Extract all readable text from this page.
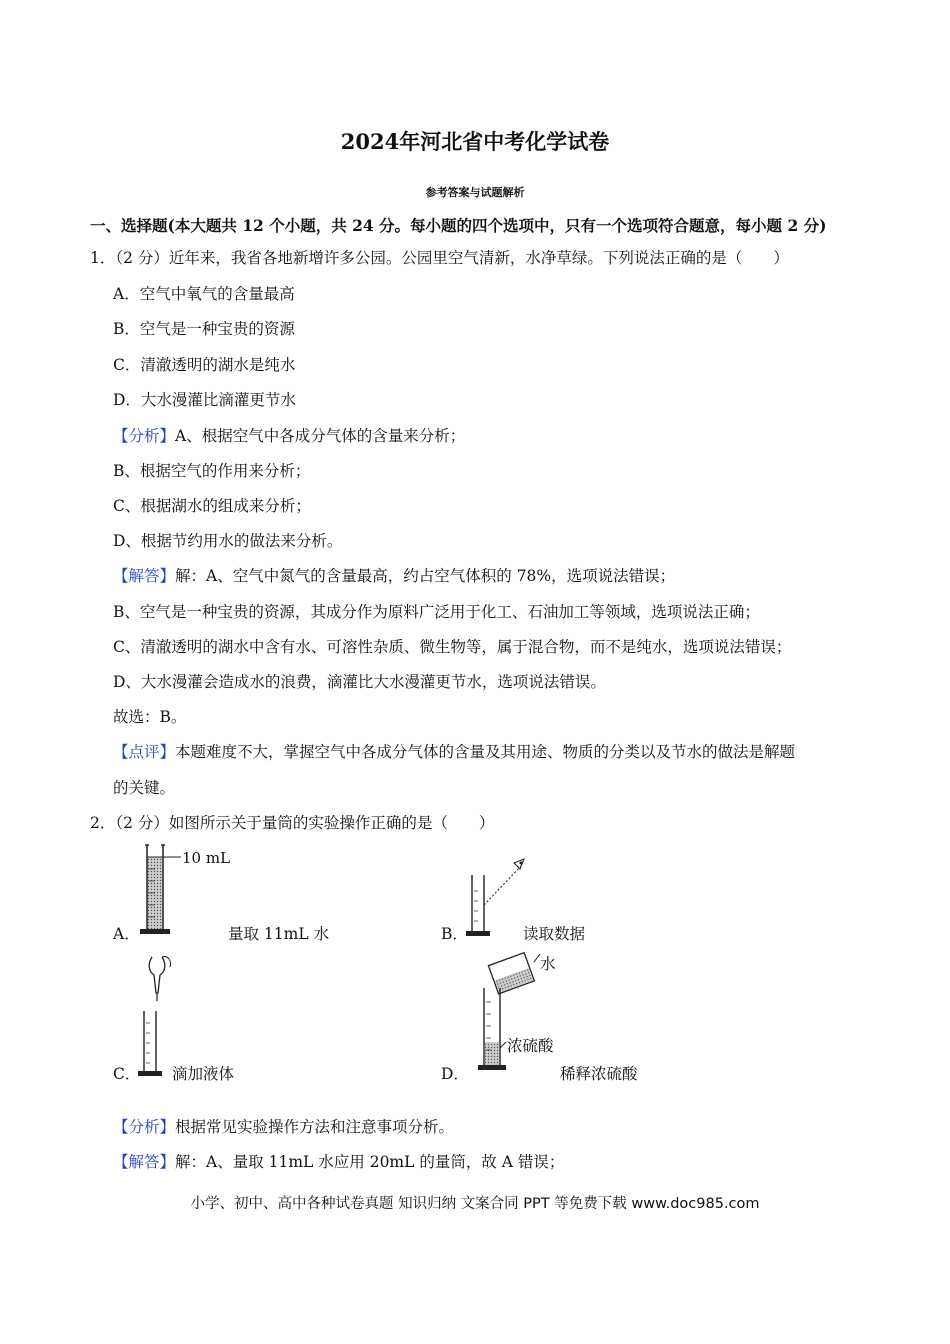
2024年河北省中考化学试卷
参考答案与试题解析
一、选择题(本大题共 12 个小题，共 24 分。每小题的四个选项中，只有一个选项符合题意，每小题 2 分)
1．（2 分）近年来，我省各地新增许多公园。公园里空气清新，水净草绿。下列说法正确的是（　　）
A．空气中氧气的含量最高
B．空气是一种宝贵的资源
C．清澈透明的湖水是纯水
D．大水漫灌比滴灌更节水
【分析】A、根据空气中各成分气体的含量来分析；
B、根据空气的作用来分析；
C、根据湖水的组成来分析；
D、根据节约用水的做法来分析。
【解答】解：A、空气中氮气的含量最高，约占空气体积的 78%，选项说法错误；
B、空气是一种宝贵的资源，其成分作为原料广泛用于化工、石油加工等领域，选项说法正确；
C、清澈透明的湖水中含有水、可溶性杂质、微生物等，属于混合物，而不是纯水，选项说法错误；
D、大水漫灌会造成水的浪费，滴灌比大水漫灌更节水，选项说法错误。
故选：B。
【点评】本题难度不大，掌握空气中各成分气体的含量及其用途、物质的分类以及节水的做法是解题
的关键。
2．（2 分）如图所示关于量筒的实验操作正确的是（　　）
10 mL
A．	量取 11mL 水	B．	读取数据
C． 滴加液体
水
浓硫酸
D．	稀释浓硫酸
【分析】根据常见实验操作方法和注意事项分析。
【解答】解：A、量取 11mL 水应用 20mL 的量筒，故 A 错误；
小学、初中、高中各种试卷真题 知识归纳 文案合同 PPT 等免费下载 www.doc985.com
